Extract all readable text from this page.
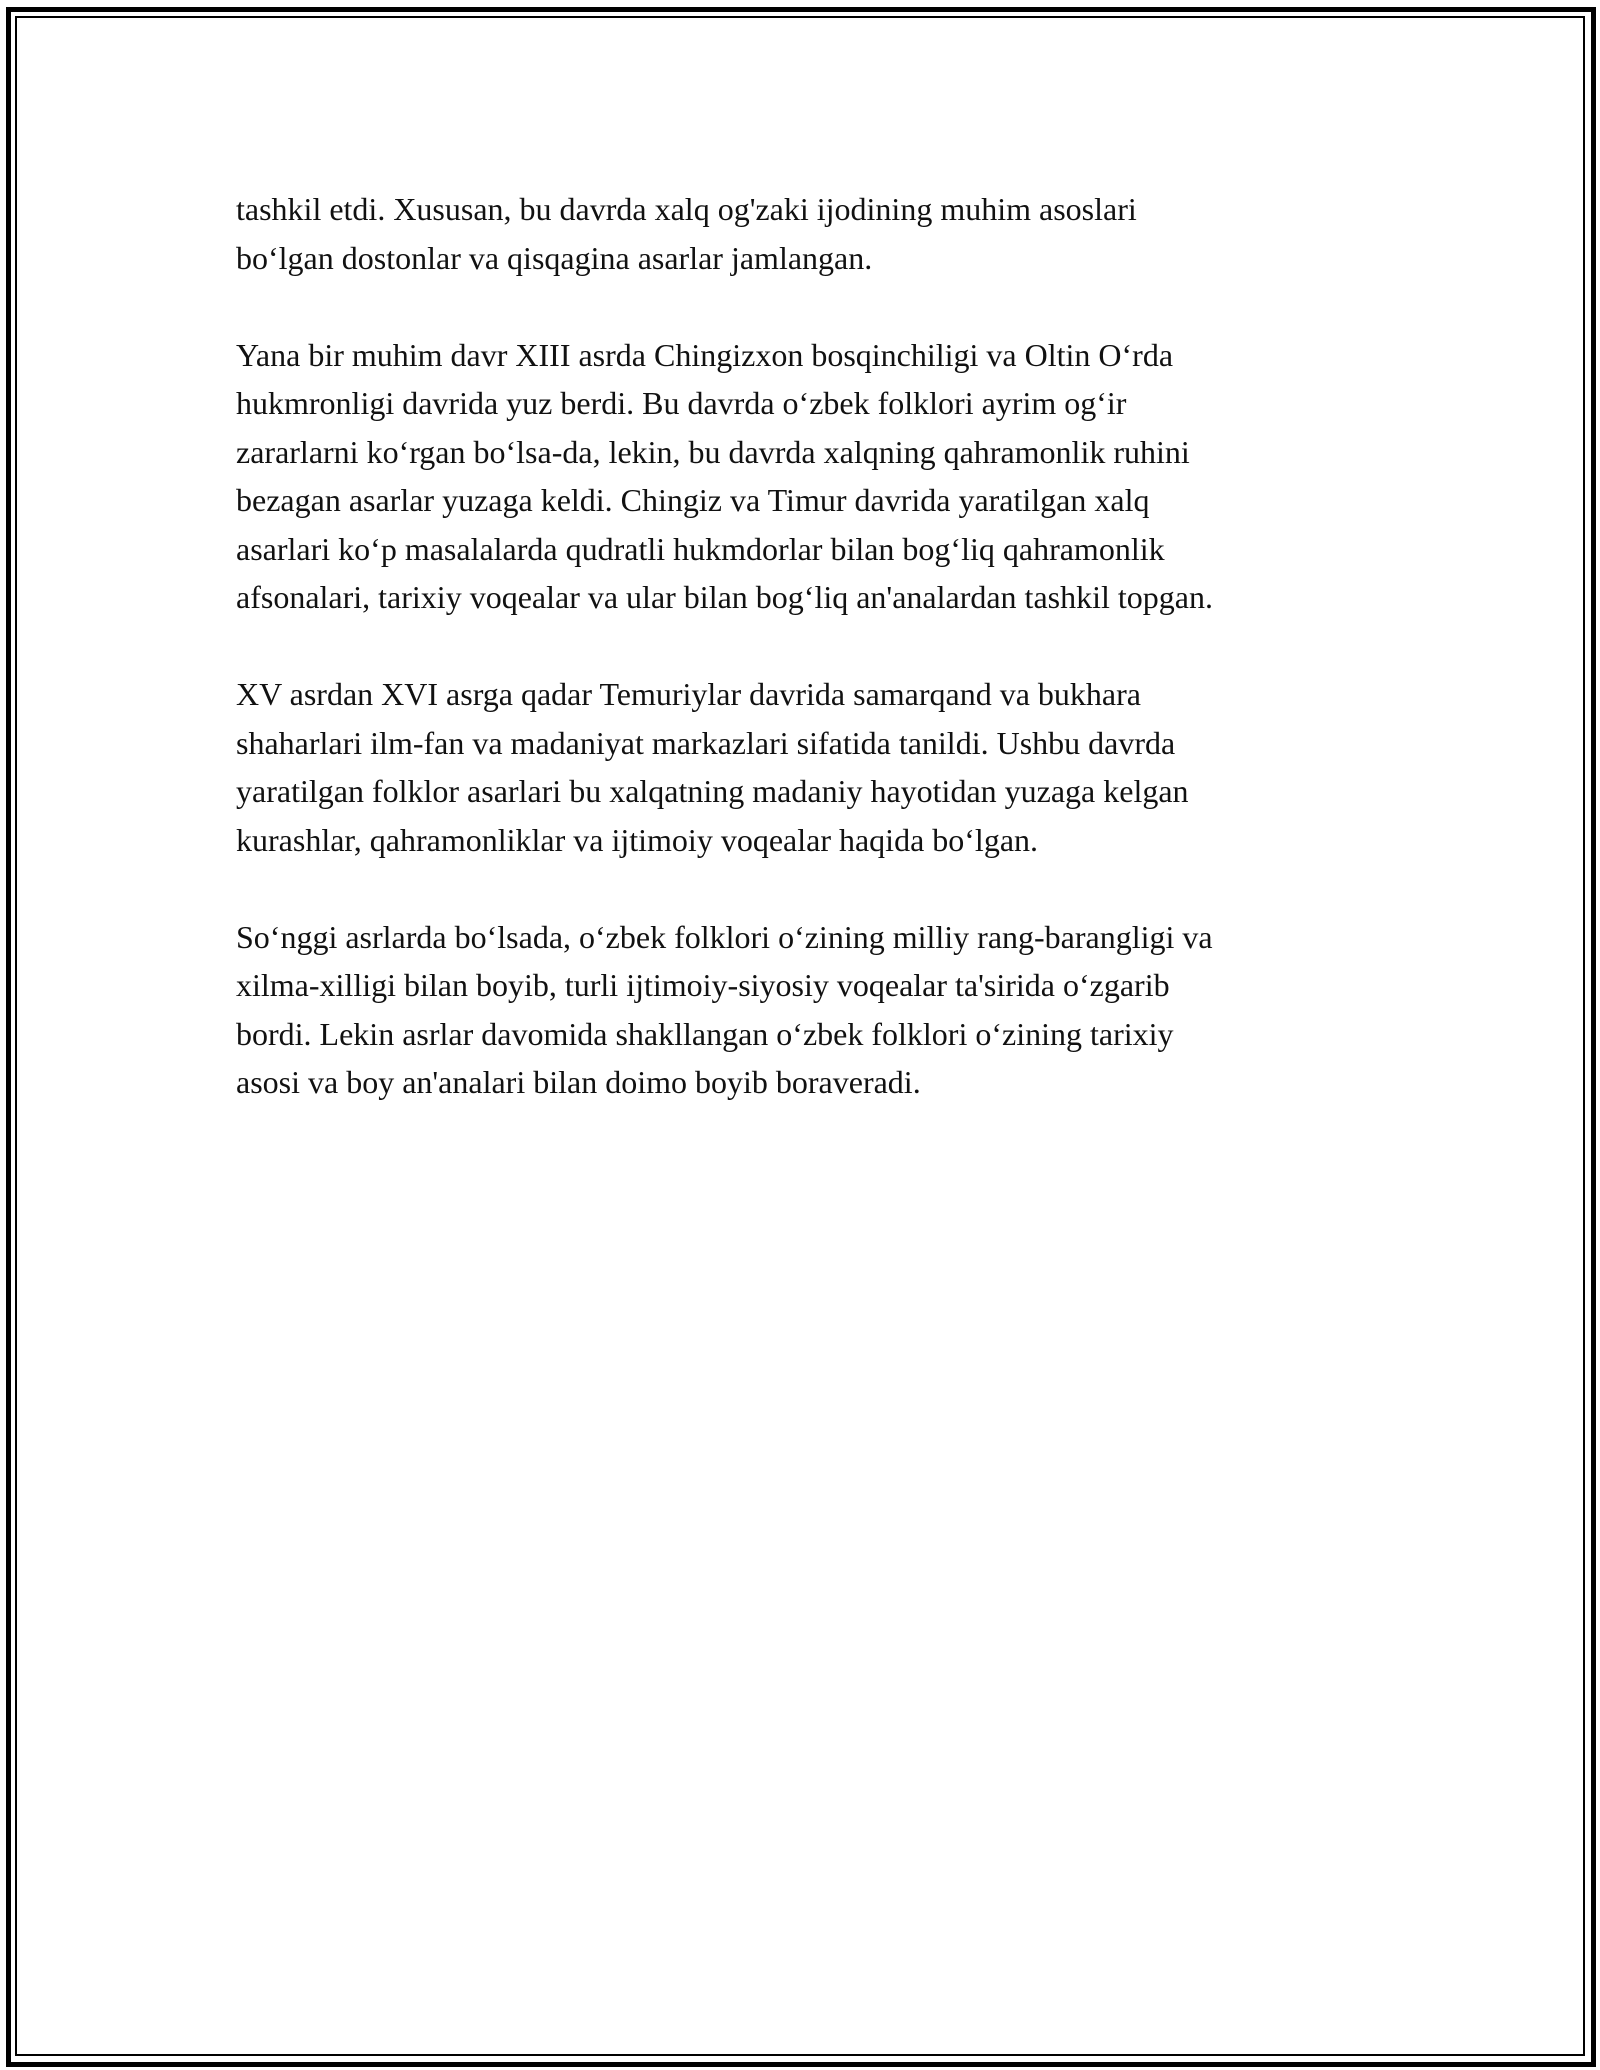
tashkil etdi. Xususan, bu davrda xalq og'zaki ijodining muhim asoslari
bo‘lgan dostonlar va qisqagina asarlar jamlangan.

Yana bir muhim davr XIII asrda Chingizxon bosqinchiligi va Oltin O‘rda
hukmronligi davrida yuz berdi. Bu davrda o‘zbek folklori ayrim og‘ir
zararlarni ko‘rgan bo‘lsa-da, lekin, bu davrda xalqning qahramonlik ruhini
bezagan asarlar yuzaga keldi. Chingiz va Timur davrida yaratilgan xalq
asarlari ko‘p masalalarda qudratli hukmdorlar bilan bog‘liq qahramonlik
afsonalari, tarixiy voqealar va ular bilan bog‘liq an'analardan tashkil topgan.

XV asrdan XVI asrga qadar Temuriylar davrida samarqand va bukhara
shaharlari ilm-fan va madaniyat markazlari sifatida tanildi. Ushbu davrda
yaratilgan folklor asarlari bu xalqatning madaniy hayotidan yuzaga kelgan
kurashlar, qahramonliklar va ijtimoiy voqealar haqida bo‘lgan.

So‘nggi asrlarda bo‘lsada, o‘zbek folklori o‘zining milliy rang-barangligi va
xilma-xilligi bilan boyib, turli ijtimoiy-siyosiy voqealar ta'sirida o‘zgarib
bordi. Lekin asrlar davomida shakllangan o‘zbek folklori o‘zining tarixiy
asosi va boy an'analari bilan doimo boyib boraveradi.
